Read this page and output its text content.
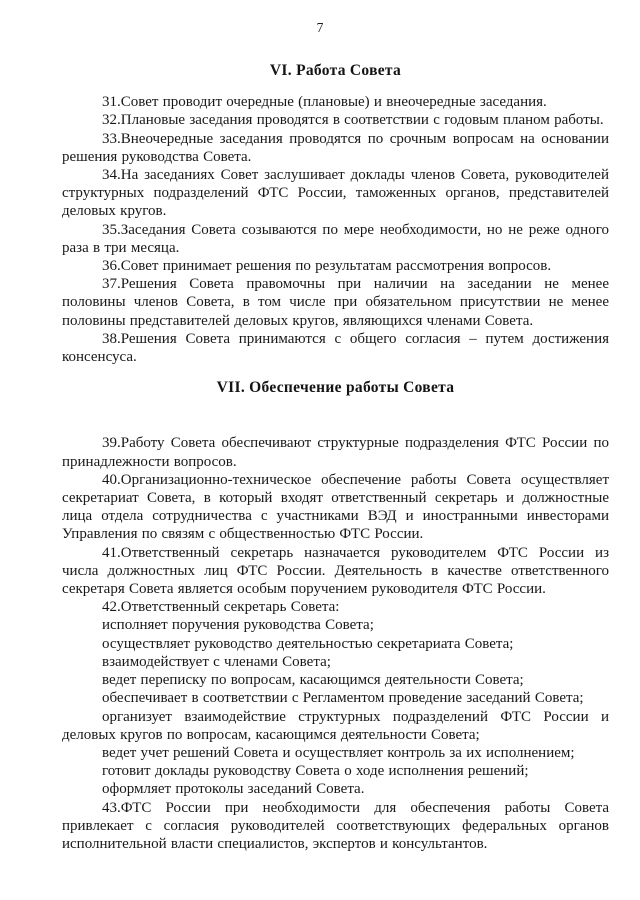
7
VI. Работа Совета

31.Совет проводит очередные (плановые) и внеочередные заседания.

32.Плановые заседания проводятся в соответствии с годовым планом работы.

33.Внеочередные заседания проводятся по срочным вопросам на основании решения руководства Совета.

34.На заседаниях Совет заслушивает доклады членов Совета, руководителей структурных подразделений ФТС России, таможенных органов, представителей деловых кругов.

35.Заседания Совета созываются по мере необходимости, но не реже одного раза в три месяца.

36.Совет принимает решения по результатам рассмотрения вопросов.

37.Решения Совета правомочны при наличии на заседании не менее половины членов Совета, в том числе при обязательном присутствии не менее половины представителей деловых кругов, являющихся членами Совета.

38.Решения Совета принимаются с общего согласия – путем достижения консенсуса.

VII. Обеспечение работы Совета

39.Работу Совета обеспечивают структурные подразделения ФТС России по принадлежности вопросов.

40.Организационно-техническое обеспечение работы Совета осуществляет секретариат Совета, в который входят ответственный секретарь и должностные лица отдела сотрудничества с участниками ВЭД и иностранными инвесторами Управления по связям с общественностью ФТС России.

41.Ответственный секретарь назначается руководителем ФТС России из числа должностных лиц ФТС России. Деятельность в качестве ответственного секретаря Совета является особым поручением руководителя ФТС России.

42.Ответственный секретарь Совета:

исполняет поручения руководства Совета;

осуществляет руководство деятельностью секретариата Совета;

взаимодействует с членами Совета;

ведет переписку по вопросам, касающимся деятельности Совета;

обеспечивает в соответствии с Регламентом проведение заседаний Совета;

организует взаимодействие структурных подразделений ФТС России и деловых кругов по вопросам, касающимся деятельности Совета;

ведет учет решений Совета и осуществляет контроль за их исполнением;

готовит доклады руководству Совета о ходе исполнения решений;

оформляет протоколы заседаний Совета.

43.ФТС России при необходимости для обеспечения работы Совета привлекает с согласия руководителей соответствующих федеральных органов исполнительной власти специалистов, экспертов и консультантов.
